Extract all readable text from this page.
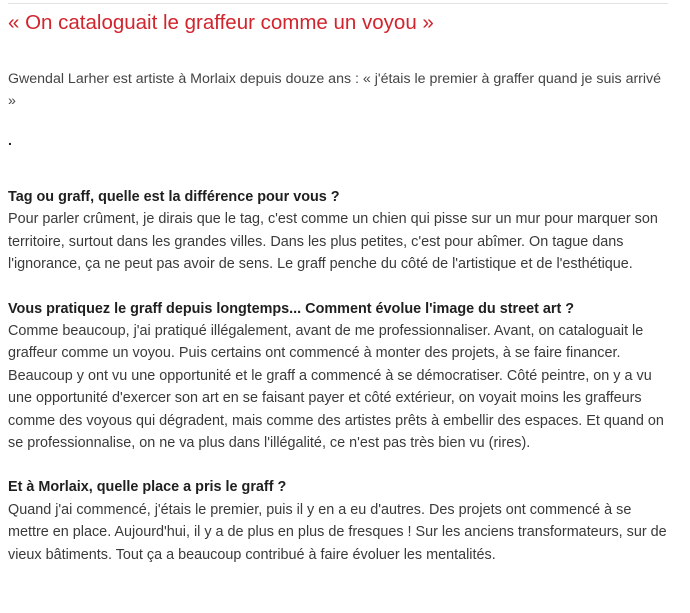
« On cataloguait le graffeur comme un voyou »

Gwendal Larher est artiste à Morlaix depuis douze ans : « j'étais le premier à graffer quand je suis arrivé »

.

Tag ou graff, quelle est la différence pour vous ?
Pour parler crûment, je dirais que le tag, c'est comme un chien qui pisse sur un mur pour marquer son territoire, surtout dans les grandes villes. Dans les plus petites, c'est pour abîmer. On tague dans l'ignorance, ça ne peut pas avoir de sens. Le graff penche du côté de l'artistique et de l'esthétique.

Vous pratiquez le graff depuis longtemps... Comment évolue l'image du street art ?
Comme beaucoup, j'ai pratiqué illégalement, avant de me professionnaliser. Avant, on cataloguait le graffeur comme un voyou. Puis certains ont commencé à monter des projets, à se faire financer. Beaucoup y ont vu une opportunité et le graff a commencé à se démocratiser. Côté peintre, on y a vu une opportunité d'exercer son art en se faisant payer et côté extérieur, on voyait moins les graffeurs comme des voyous qui dégradent, mais comme des artistes prêts à embellir des espaces. Et quand on se professionnalise, on ne va plus dans l'illégalité, ce n'est pas très bien vu (rires).

Et à Morlaix, quelle place a pris le graff ?
Quand j'ai commencé, j'étais le premier, puis il y en a eu d'autres. Des projets ont commencé à se mettre en place. Aujourd'hui, il y a de plus en plus de fresques ! Sur les anciens transformateurs, sur de vieux bâtiments. Tout ça a beaucoup contribué à faire évoluer les mentalités.
